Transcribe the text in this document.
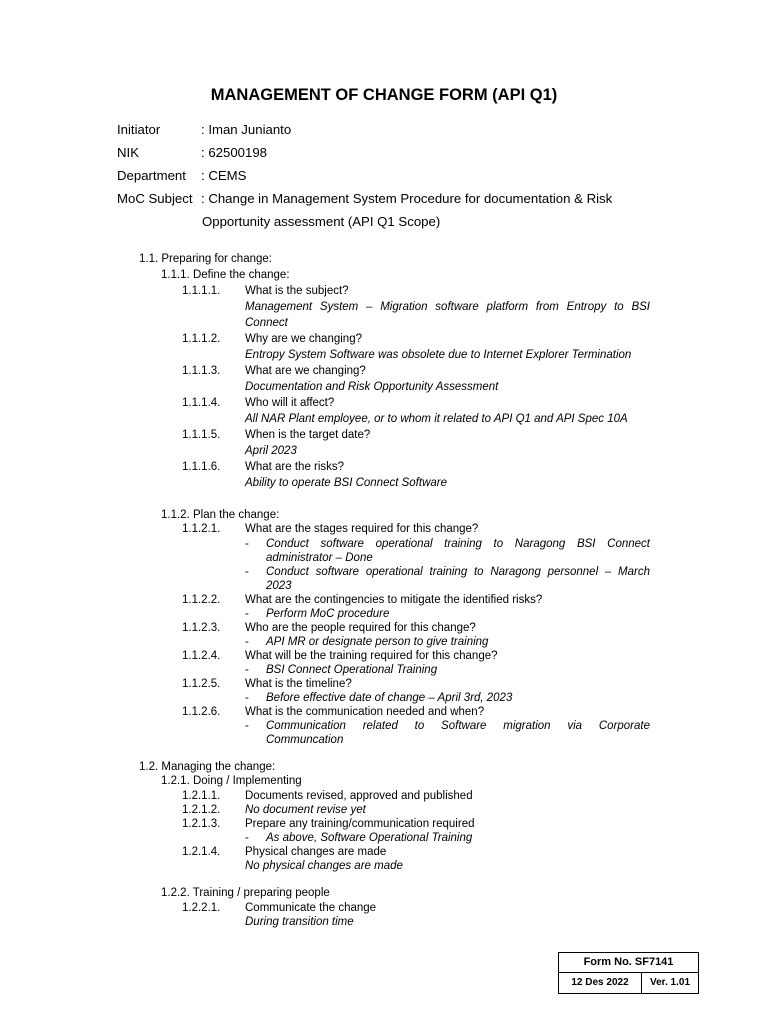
MANAGEMENT OF CHANGE FORM (API Q1)
Initiator	: Iman Junianto
NIK	: 62500198
Department : CEMS
MoC Subject : Change in Management System Procedure for documentation & Risk
Opportunity assessment (API Q1 Scope)
1.1. Preparing for change:
1.1.1. Define the change:
1.1.1.1. What is the subject?
Management System – Migration software platform from Entropy to BSI
Connect
1.1.1.2. Why are we changing?
Entropy System Software was obsolete due to Internet Explorer Termination
1.1.1.3. What are we changing?
Documentation and Risk Opportunity Assessment
1.1.1.4. Who will it affect?
All NAR Plant employee, or to whom it related to API Q1 and API Spec 10A
1.1.1.5. When is the target date?
April 2023
1.1.1.6. What are the risks?
Ability to operate BSI Connect Software
1.1.2. Plan the change:
1.1.2.1. What are the stages required for this change?
- Conduct software operational training to Naragong BSI Connect
administrator – Done
- Conduct software operational training to Naragong personnel – March
2023
1.1.2.2. What are the contingencies to mitigate the identified risks?
- Perform MoC procedure
1.1.2.3. Who are the people required for this change?
- API MR or designate person to give training
1.1.2.4. What will be the training required for this change?
- BSI Connect Operational Training
1.1.2.5. What is the timeline?
- Before effective date of change – April 3rd, 2023
1.1.2.6. What is the communication needed and when?
- Communication related to Software migration via Corporate
Communcation
1.2. Managing the change:
1.2.1. Doing / Implementing
1.2.1.1. Documents revised, approved and published
1.2.1.2. No document revise yet
1.2.1.3. Prepare any training/communication required
- As above, Software Operational Training
1.2.1.4. Physical changes are made
No physical changes are made
1.2.2. Training / preparing people
1.2.2.1. Communicate the change
During transition time
Form No. SF7141
12 Des 2022	Ver. 1.01
